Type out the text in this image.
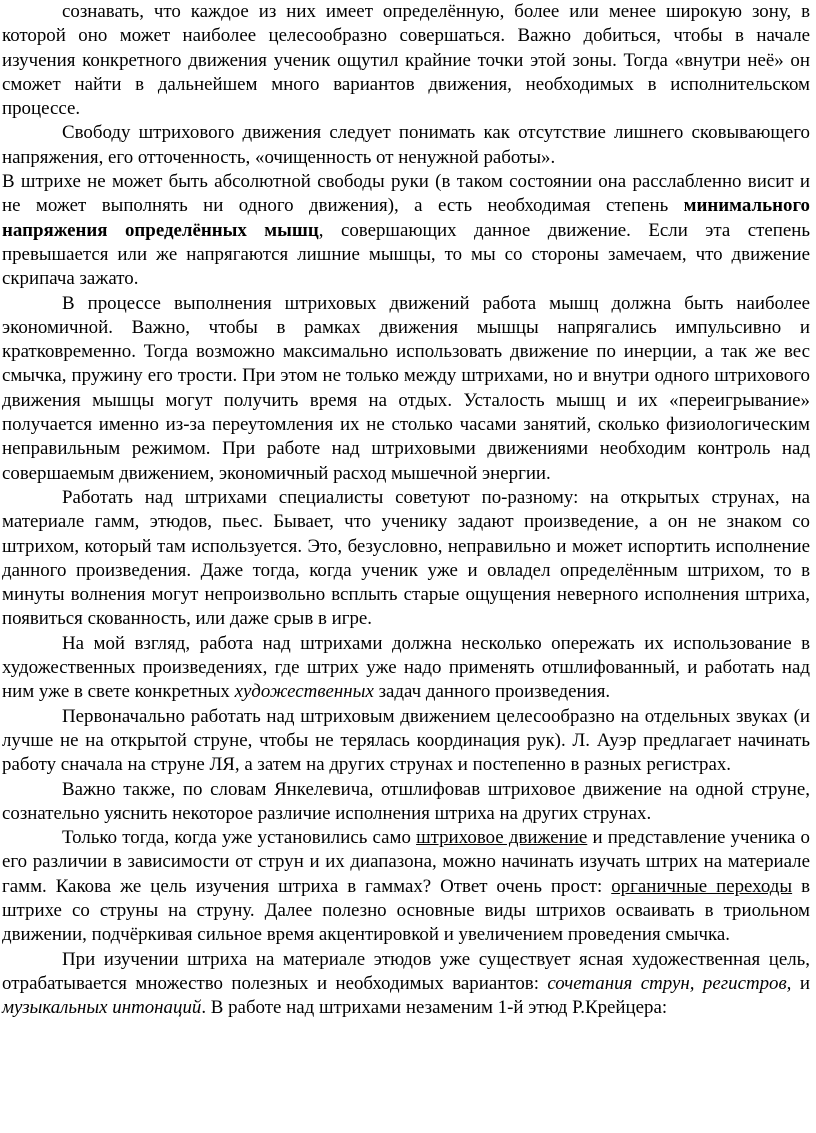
сознавать, что каждое из них имеет определённую, более или менее широкую зону, в которой оно может наиболее целесообразно совершаться. Важно добиться, чтобы в начале изучения конкретного движения ученик ощутил крайние точки этой зоны. Тогда «внутри неё» он сможет найти в дальнейшем много вариантов движения, необходимых в исполнительском процессе.

Свободу штрихового движения следует понимать как отсутствие лишнего сковывающего напряжения, его отточенность, «очищенность от ненужной работы».

В штрихе не может быть абсолютной свободы руки (в таком состоянии она расслабленно висит и не может выполнять ни одного движения), а есть необходимая степень минимального напряжения определённых мышц, совершающих данное движение. Если эта степень превышается или же напрягаются лишние мышцы, то мы со стороны замечаем, что движение скрипача зажато.

В процессе выполнения штриховых движений работа мышц должна быть наиболее экономичной. Важно, чтобы в рамках движения мышцы напрягались импульсивно и кратковременно. Тогда возможно максимально использовать движение по инерции, а так же вес смычка, пружину его трости. При этом не только между штрихами, но и внутри одного штрихового движения мышцы могут получить время на отдых. Усталость мышц и их «переигрывание» получается именно из-за переутомления их не столько часами занятий, сколько физиологическим неправильным режимом. При работе над штриховыми движениями необходим контроль над совершаемым движением, экономичный расход мышечной энергии.

Работать над штрихами специалисты советуют по-разному: на открытых струнах, на материале гамм, этюдов, пьес. Бывает, что ученику задают произведение, а он не знаком со штрихом, который там используется. Это, безусловно, неправильно и может испортить исполнение данного произведения. Даже тогда, когда ученик уже и овладел определённым штрихом, то в минуты волнения могут непроизвольно всплыть старые ощущения неверного исполнения штриха, появиться скованность, или даже срыв в игре.

На мой взгляд, работа над штрихами должна несколько опережать их использование в художественных произведениях, где штрих уже надо применять отшлифованный, и работать над ним уже в свете конкретных художественных задач данного произведения.

Первоначально работать над штриховым движением целесообразно на отдельных звуках (и лучше не на открытой струне, чтобы не терялась координация рук). Л. Ауэр предлагает начинать работу сначала на струне ЛЯ, а затем на других струнах и постепенно в разных регистрах.

Важно также, по словам Янкелевича, отшлифовав штриховое движение на одной струне, сознательно уяснить некоторое различие исполнения штриха на других струнах.

Только тогда, когда уже установились само штриховое движение и представление ученика о его различии в зависимости от струн и их диапазона, можно начинать изучать штрих на материале гамм. Какова же цель изучения штриха в гаммах? Ответ очень прост: органичные переходы в штрихе со струны на струну. Далее полезно основные виды штрихов осваивать в триольном движении, подчёркивая сильное время акцентировкой и увеличением проведения смычка.

При изучении штриха на материале этюдов уже существует ясная художественная цель, отрабатывается множество полезных и необходимых вариантов: сочетания струн, регистров, и музыкальных интонаций. В работе над штрихами незаменим 1-й этюд Р.Крейцера:
